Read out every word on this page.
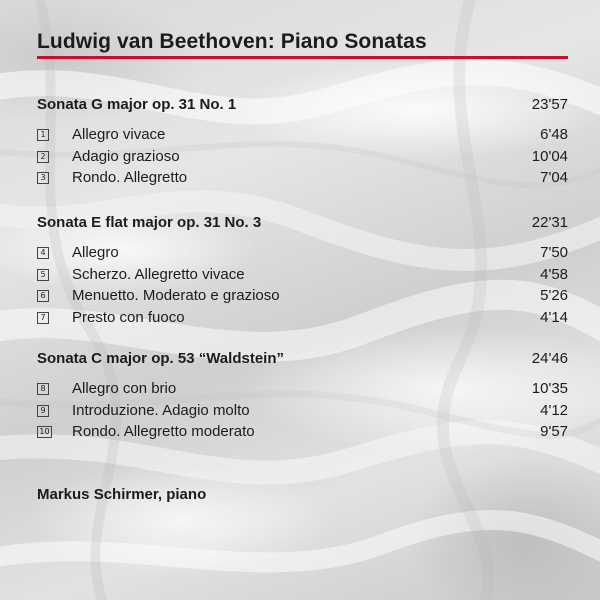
Ludwig van Beethoven: Piano Sonatas
Sonata G major op. 31 No. 1	23'57
1 Allegro vivace	6'48
2 Adagio grazioso	10'04
3 Rondo. Allegretto	7'04
Sonata E flat major op. 31 No. 3	22'31
4 Allegro	7'50
5 Scherzo. Allegretto vivace	4'58
6 Menuetto. Moderato e grazioso	5'26
7 Presto con fuoco	4'14
Sonata C major op. 53 “Waldstein”	24'46
8 Allegro con brio	10'35
9 Introduzione. Adagio molto	4'12
10 Rondo. Allegretto moderato	9'57
Markus Schirmer, piano
